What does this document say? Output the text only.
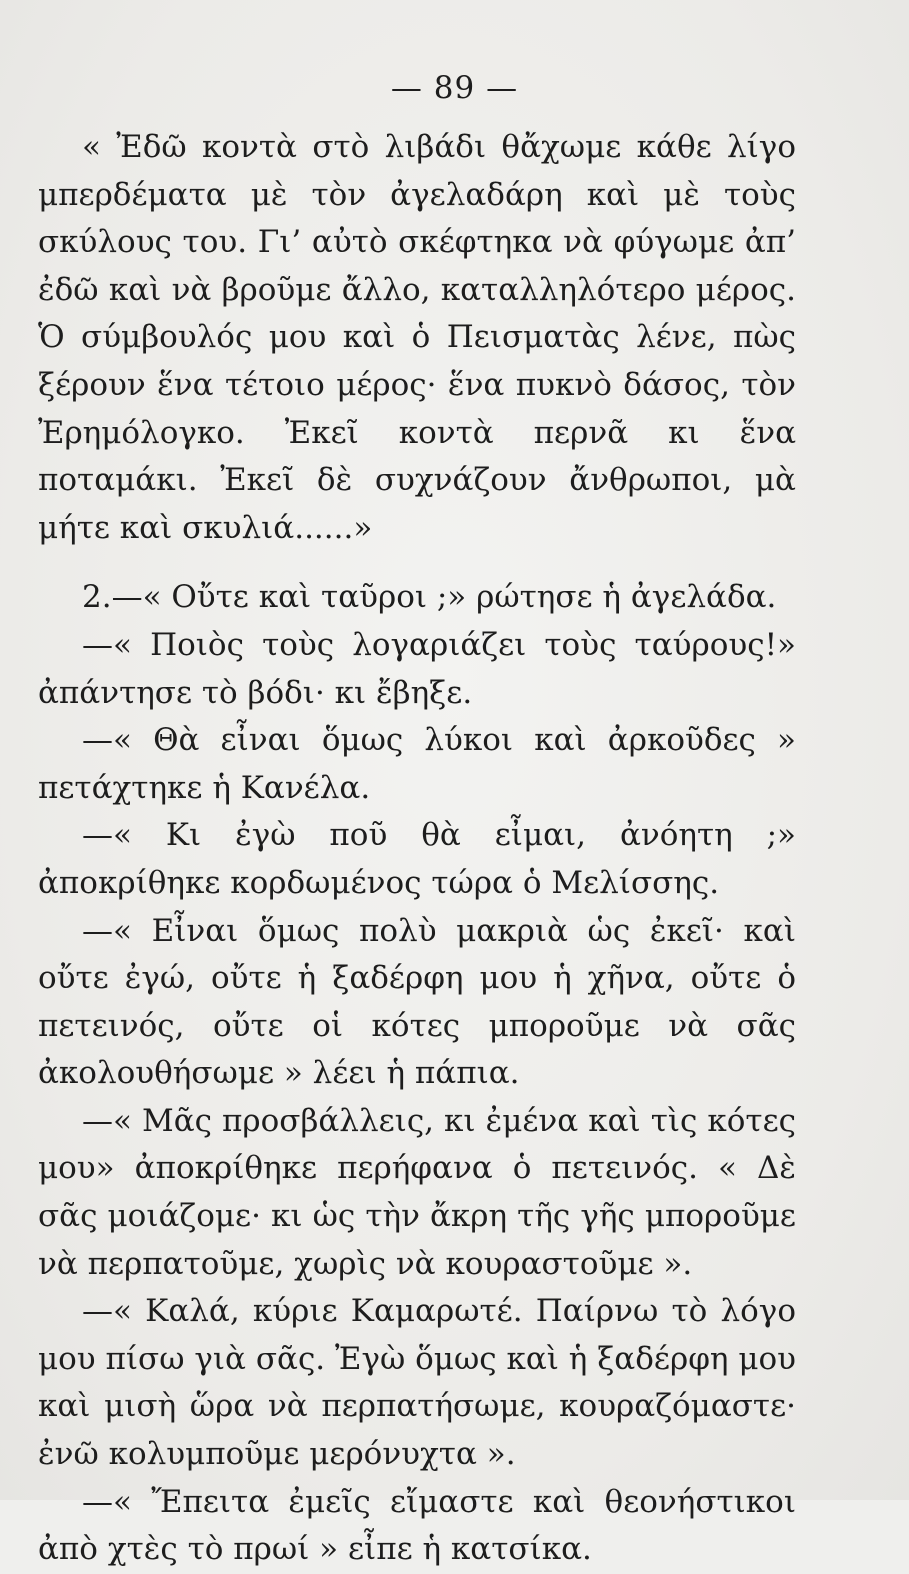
— 89 —

« Ἐδῶ κοντὰ στὸ λιβάδι θἄχωμε κάθε λίγο μπερδέματα μὲ τὸν ἀγελαδάρη καὶ μὲ τοὺς σκύλους του. Γι’ αὐτὸ σκέφτηκα νὰ φύγωμε ἀπ’ ἐδῶ καὶ νὰ βροῦμε ἄλλο, καταλληλότερο μέρος. Ὁ σύμβουλός μου καὶ ὁ Πεισματὰς λένε, πὼς ξέρουν ἕνα τέτοιο μέρος· ἕνα πυκνὸ δάσος, τὸν Ἐρημόλογκο. Ἐκεῖ κοντὰ περνᾶ κι ἕνα ποταμάκι. Ἐκεῖ δὲ συχνάζουν ἄνθρωποι, μὰ μήτε καὶ σκυλιά......»

2.—« Οὔτε καὶ ταῦροι ;» ρώτησε ἡ ἀγελάδα.

—« Ποιὸς τοὺς λογαριάζει τοὺς ταύρους!» ἀπάντησε τὸ βόδι· κι ἔβηξε.

—« Θὰ εἶναι ὅμως λύκοι καὶ ἀρκοῦδες » πετάχτηκε ἡ Κανέλα.

—« Κι ἐγὼ ποῦ θὰ εἶμαι, ἀνόητη ;» ἀποκρίθηκε κορδωμένος τώρα ὁ Μελίσσης.

—« Εἶναι ὅμως πολὺ μακριὰ ὡς ἐκεῖ· καὶ οὔτε ἐγώ, οὔτε ἡ ξαδέρφη μου ἡ χῆνα, οὔτε ὁ πετεινός, οὔτε οἱ κότες μποροῦμε νὰ σᾶς ἀκολουθήσωμε » λέει ἡ πάπια.

—« Μᾶς προσβάλλεις, κι ἐμένα καὶ τὶς κότες μου» ἀποκρίθηκε περήφανα ὁ πετεινός. « Δὲ σᾶς μοιάζομε· κι ὡς τὴν ἄκρη τῆς γῆς μποροῦμε νὰ περπατοῦμε, χωρὶς νὰ κουραστοῦμε ».

—« Καλά, κύριε Καμαρωτέ. Παίρνω τὸ λόγο μου πίσω γιὰ σᾶς. Ἐγὼ ὅμως καὶ ἡ ξαδέρφη μου καὶ μισὴ ὥρα νὰ περπατήσωμε, κουραζόμαστε· ἐνῶ κολυμποῦμε μερόνυχτα ».

—« Ἔπειτα ἐμεῖς εἴμαστε καὶ θεονήστικοι ἀπὸ χτὲς τὸ πρωί » εἶπε ἡ κατσίκα.
